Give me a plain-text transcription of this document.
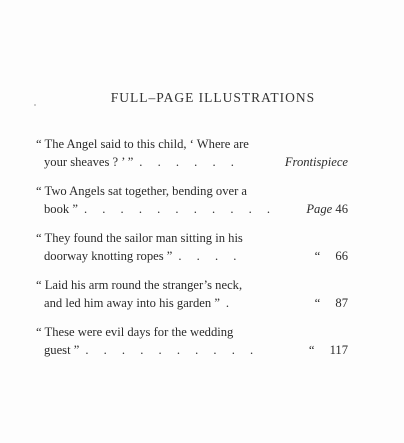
FULL–PAGE ILLUSTRATIONS
“ The Angel said to this child, ‘ Where are
your sheaves ? ’ ” . . . . . .	Frontispiece
“ Two Angels sat together, bending over a
book ” . . . . . . . . . . .	Page 46
“ They found the sailor man sitting in his
doorway knotting ropes ” . . . .	“ 66
“ Laid his arm round the stranger’s neck,
and led him away into his garden ” .	“ 87
“ These were evil days for the wedding
guest ” . . . . . . . . . .	“ 117
